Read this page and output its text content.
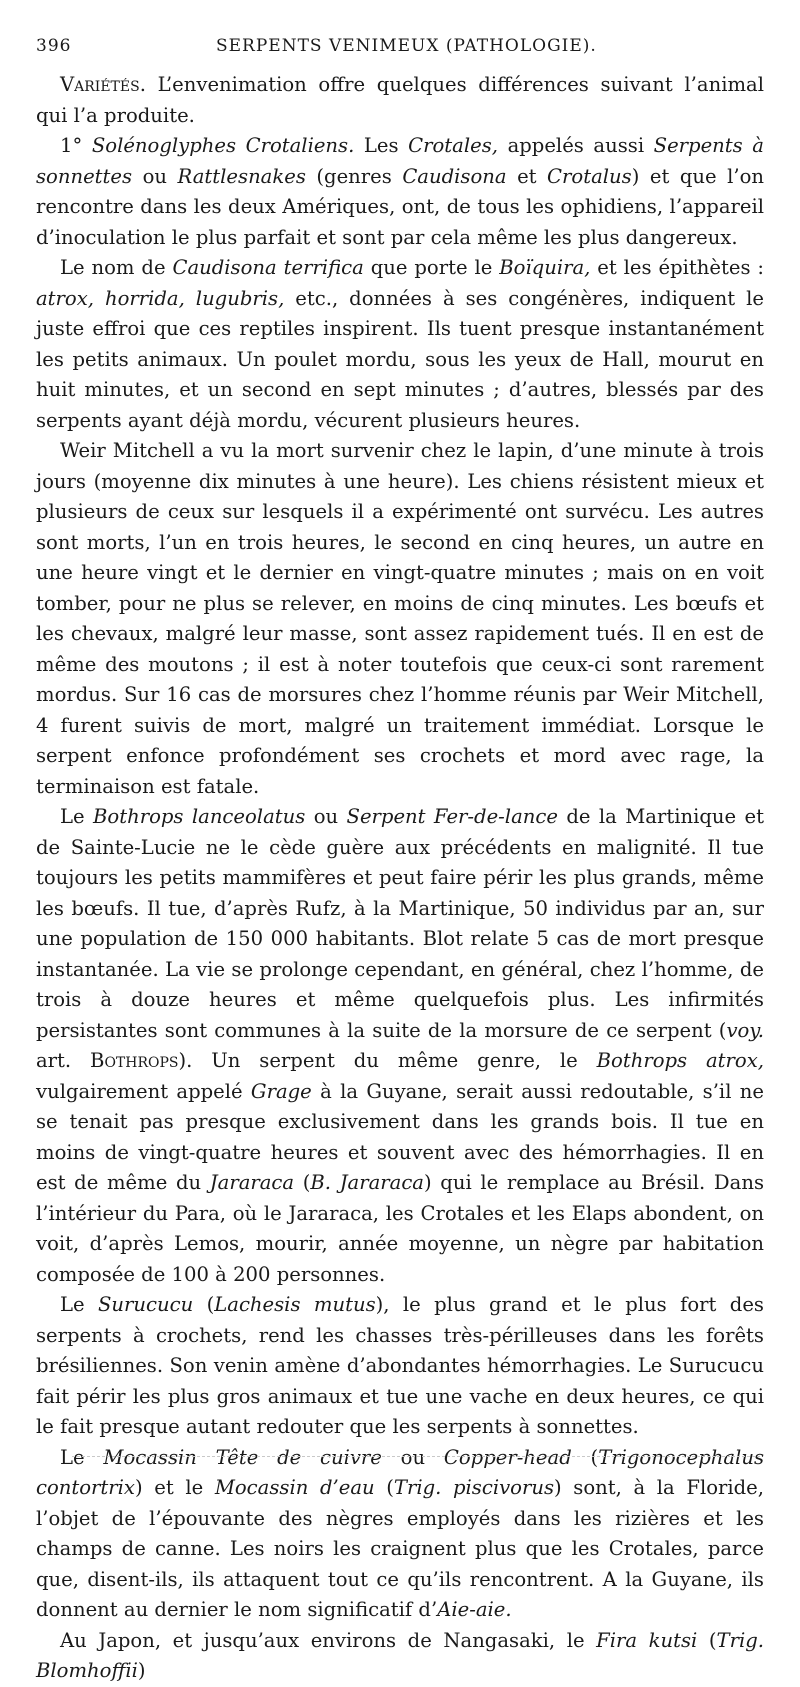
396	SERPENTS VENIMEUX (PATHOLOGIE).

Variétés. L’envenimation offre quelques différences suivant l’animal qui l’a produite.

1° Solénoglyphes Crotaliens. Les Crotales, appelés aussi Serpents à sonnettes ou Rattlesnakes (genres Caudisona et Crotalus) et que l’on rencontre dans les deux Amériques, ont, de tous les ophidiens, l’appareil d’inoculation le plus parfait et sont par cela même les plus dangereux.

Le nom de Caudisona terrifica que porte le Boïquira, et les épithètes : atrox, horrida, lugubris, etc., données à ses congénères, indiquent le juste effroi que ces reptiles inspirent. Ils tuent presque instantanément les petits animaux. Un poulet mordu, sous les yeux de Hall, mourut en huit minutes, et un second en sept minutes ; d’autres, blessés par des serpents ayant déjà mordu, vécurent plusieurs heures.

Weir Mitchell a vu la mort survenir chez le lapin, d’une minute à trois jours (moyenne dix minutes à une heure). Les chiens résistent mieux et plusieurs de ceux sur lesquels il a expérimenté ont survécu. Les autres sont morts, l’un en trois heures, le second en cinq heures, un autre en une heure vingt et le dernier en vingt-quatre minutes ; mais on en voit tomber, pour ne plus se relever, en moins de cinq minutes. Les bœufs et les chevaux, malgré leur masse, sont assez rapidement tués. Il en est de même des moutons ; il est à noter toutefois que ceux-ci sont rarement mordus. Sur 16 cas de morsures chez l’homme réunis par Weir Mitchell, 4 furent suivis de mort, malgré un traitement immédiat. Lorsque le serpent enfonce profondément ses crochets et mord avec rage, la terminaison est fatale.

Le Bothrops lanceolatus ou Serpent Fer-de-lance de la Martinique et de Sainte-Lucie ne le cède guère aux précédents en malignité. Il tue toujours les petits mammifères et peut faire périr les plus grands, même les bœufs. Il tue, d’après Rufz, à la Martinique, 50 individus par an, sur une population de 150 000 habitants. Blot relate 5 cas de mort presque instantanée. La vie se prolonge cependant, en général, chez l’homme, de trois à douze heures et même quelquefois plus. Les infirmités persistantes sont communes à la suite de la morsure de ce serpent (voy. art. Bothrops). Un serpent du même genre, le Bothrops atrox, vulgairement appelé Grage à la Guyane, serait aussi redoutable, s’il ne se tenait pas presque exclusivement dans les grands bois. Il tue en moins de vingt-quatre heures et souvent avec des hémorrhagies. Il en est de même du Jararaca (B. Jararaca) qui le remplace au Brésil. Dans l’intérieur du Para, où le Jararaca, les Crotales et les Elaps abondent, on voit, d’après Lemos, mourir, année moyenne, un nègre par habitation composée de 100 à 200 personnes.

Le Surucucu (Lachesis mutus), le plus grand et le plus fort des serpents à crochets, rend les chasses très-périlleuses dans les forêts brésiliennes. Son venin amène d’abondantes hémorrhagies. Le Surucucu fait périr les plus gros animaux et tue une vache en deux heures, ce qui le fait presque autant redouter que les serpents à sonnettes.

Le Mocassin Tête de cuivre ou Copper-head (Trigonocephalus contortrix) et le Mocassin d’eau (Trig. piscivorus) sont, à la Floride, l’objet de l’épouvante des nègres employés dans les rizières et les champs de canne. Les noirs les craignent plus que les Crotales, parce que, disent-ils, ils attaquent tout ce qu’ils rencontrent. A la Guyane, ils donnent au dernier le nom significatif d’Aie-aie.

Au Japon, et jusqu’aux environs de Nangasaki, le Fira kutsi (Trig. Blomhoffii)
